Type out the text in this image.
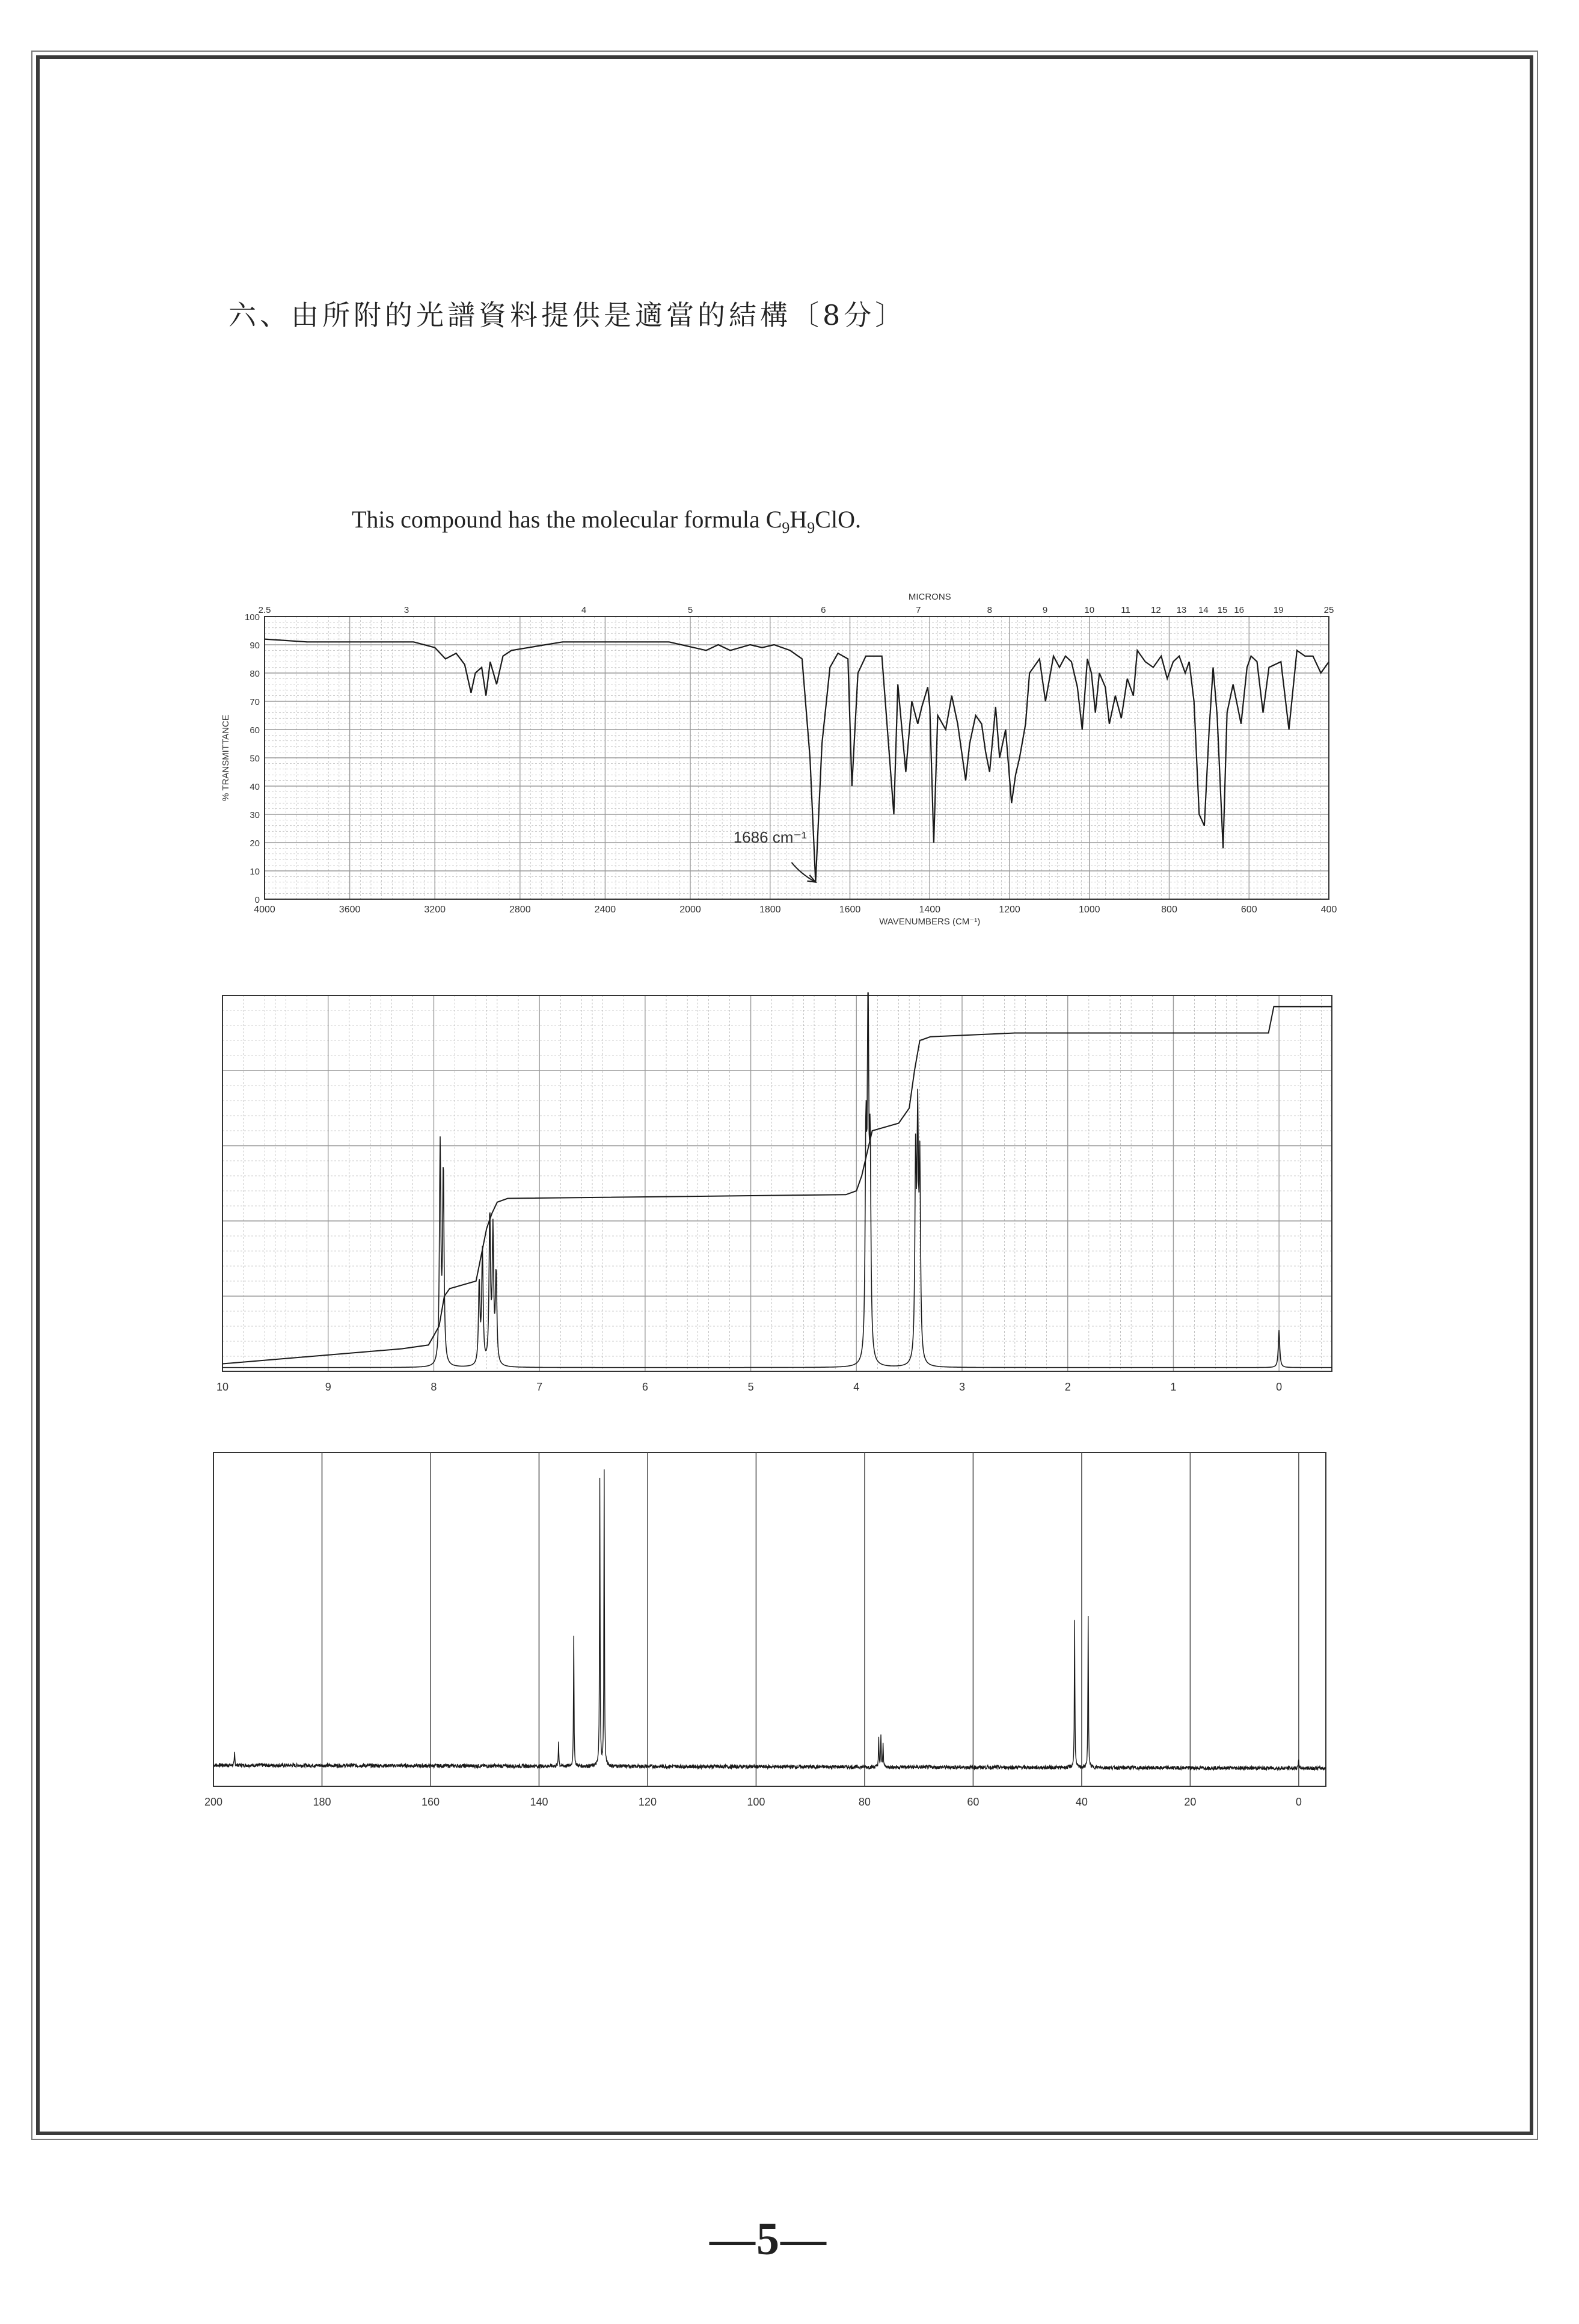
六、由所附的光譜資料提供是適當的結構〔8分〕
This compound has the molecular formula $C_9H_9ClO$.
0
10
20
30
40
50
60
70
80
90
100
4000	3600	3200	2800	2400	2000	1800	1600	1400	1200	1000	800	600	400
2.5	3	4	5	6	7	8	9	10	11 12 13 14 15 16	19	25
MICRONS
WAVENUMBERS (CM⁻¹)
% TRANSMITTANCE
1686 cm⁻¹
10	9	8	7	6	5	4	3	2	1	0
200	180	160	140	120	100	80	60	40	20	0
—5—
